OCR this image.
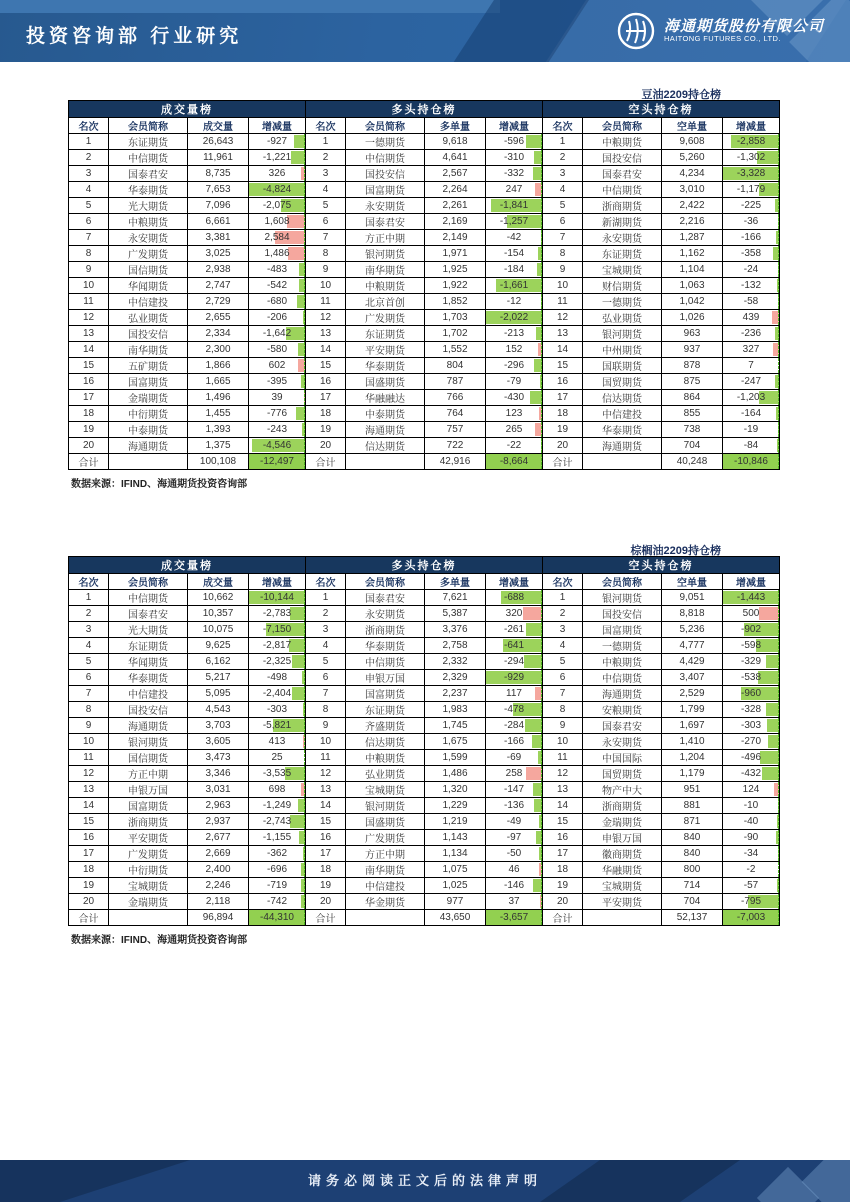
投资咨询部 行业研究	海通期货股份有限公司
HAITONG FUTURES CO., LTD.
豆油2209持仓榜
成交量榜				多头持仓榜				空头持仓榜			
名次	会员简称	成交量	增减量	名次	会员简称	多单量	增减量	名次	会员简称	空单量	增减量
1	东证期货	26,643	-927	1	一德期货	9,618	-596	1	中粮期货	9,608	-2,858
2	中信期货	11,961	-1,221	2	中信期货	4,641	-310	2	国投安信	5,260	-1,302
3	国泰君安	8,735	326	3	国投安信	2,567	-332	3	国泰君安	4,234	-3,328
4	华泰期货	7,653	-4,824	4	国富期货	2,264	247	4	中信期货	3,010	-1,179
5	光大期货	7,096	-2,075	5	永安期货	2,261	-1,841	5	浙商期货	2,422	-225
6	中粮期货	6,661	1,608	6	国泰君安	2,169	-1,257	6	新湖期货	2,216	-36
7	永安期货	3,381	2,584	7	方正中期	2,149	-42	7	永安期货	1,287	-166
8	广发期货	3,025	1,486	8	银河期货	1,971	-154	8	东证期货	1,162	-358
9	国信期货	2,938	-483	9	南华期货	1,925	-184	9	宝城期货	1,104	-24
10	华闻期货	2,747	-542	10	中粮期货	1,922	-1,661	10	财信期货	1,063	-132
11	中信建投	2,729	-680	11	北京首创	1,852	-12	11	一德期货	1,042	-58
12	弘业期货	2,655	-206	12	广发期货	1,703	-2,022	12	弘业期货	1,026	439
13	国投安信	2,334	-1,642	13	东证期货	1,702	-213	13	银河期货	963	-236
14	南华期货	2,300	-580	14	平安期货	1,552	152	14	中州期货	937	327
15	五矿期货	1,866	602	15	华泰期货	804	-296	15	国联期货	878	7
16	国富期货	1,665	-395	16	国盛期货	787	-79	16	国贸期货	875	-247
17	金瑞期货	1,496	39	17	华融融达	766	-430	17	信达期货	864	-1,203
18	中衍期货	1,455	-776	18	中泰期货	764	123	18	中信建投	855	-164
19	中泰期货	1,393	-243	19	海通期货	757	265	19	华泰期货	738	-19
20	海通期货	1,375	-4,546	20	信达期货	722	-22	20	海通期货	704	-84
合计		100,108	-12,497	合计		42,916	-8,664	合计		40,248	-10,846
数据来源：IFIND、海通期货投资咨询部
棕榈油2209持仓榜
成交量榜				多头持仓榜				空头持仓榜			
名次	会员简称	成交量	增减量	名次	会员简称	多单量	增减量	名次	会员简称	空单量	增减量
1	中信期货	10,662	-10,144	1	国泰君安	7,621	-688	1	银河期货	9,051	-1,443
2	国泰君安	10,357	-2,783	2	永安期货	5,387	320	2	国投安信	8,818	500
3	光大期货	10,075	-7,150	3	浙商期货	3,376	-261	3	国富期货	5,236	-902
4	东证期货	9,625	-2,817	4	华泰期货	2,758	-641	4	一德期货	4,777	-598
5	华闻期货	6,162	-2,325	5	中信期货	2,332	-294	5	中粮期货	4,429	-329
6	华泰期货	5,217	-498	6	申银万国	2,329	-929	6	中信期货	3,407	-538
7	中信建投	5,095	-2,404	7	国富期货	2,237	117	7	海通期货	2,529	-960
8	国投安信	4,543	-303	8	东证期货	1,983	-478	8	安粮期货	1,799	-328
9	海通期货	3,703	-5,821	9	齐盛期货	1,745	-284	9	国泰君安	1,697	-303
10	银河期货	3,605	413	10	信达期货	1,675	-166	10	永安期货	1,410	-270
11	国信期货	3,473	25	11	中粮期货	1,599	-69	11	中国国际	1,204	-496
12	方正中期	3,346	-3,535	12	弘业期货	1,486	258	12	国贸期货	1,179	-432
13	申银万国	3,031	698	13	宝城期货	1,320	-147	13	物产中大	951	124
14	国富期货	2,963	-1,249	14	银河期货	1,229	-136	14	浙商期货	881	-10
15	浙商期货	2,937	-2,743	15	国盛期货	1,219	-49	15	金瑞期货	871	-40
16	平安期货	2,677	-1,155	16	广发期货	1,143	-97	16	申银万国	840	-90
17	广发期货	2,669	-362	17	方正中期	1,134	-50	17	徽商期货	840	-34
18	中衍期货	2,400	-696	18	南华期货	1,075	46	18	华融期货	800	-2
19	宝城期货	2,246	-719	19	中信建投	1,025	-146	19	宝城期货	714	-57
20	金瑞期货	2,118	-742	20	华金期货	977	37	20	平安期货	704	-795
合计		96,894	-44,310	合计		43,650	-3,657	合计		52,137	-7,003
数据来源：IFIND、海通期货投资咨询部
请务必阅读正文后的法律声明
